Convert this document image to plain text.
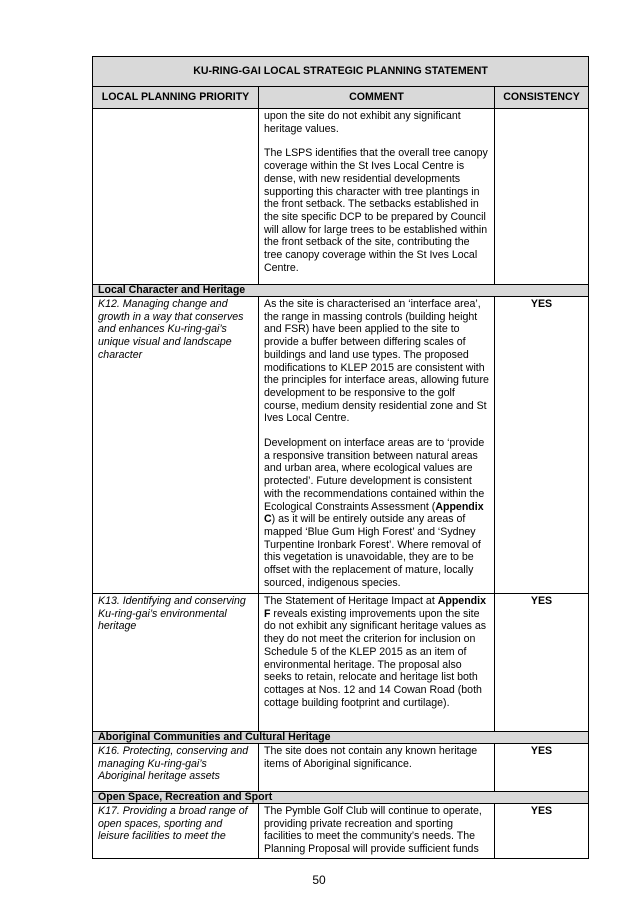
KU-RING-GAI LOCAL STRATEGIC PLANNING STATEMENT		
LOCAL PLANNING PRIORITY	COMMENT	CONSISTENCY

	upon the site do not exhibit any significant heritage values.

The LSPS identifies that the overall tree canopy coverage within the St Ives Local Centre is dense, with new residential developments supporting this character with tree plantings in the front setback. The setbacks established in the site specific DCP to be prepared by Council will allow for large trees to be established within the front setback of the site, contributing the tree canopy coverage within the St Ives Local Centre.	

Local Character and Heritage		
K12. Managing change and growth in a way that conserves and enhances Ku-ring-gai’s unique visual and landscape character	As the site is characterised an ‘interface area’, the range in massing controls (building height and FSR) have been applied to the site to provide a buffer between differing scales of buildings and land use types. The proposed modifications to KLEP 2015 are consistent with the principles for interface areas, allowing future development to be responsive to the golf course, medium density residential zone and St Ives Local Centre.

Development on interface areas are to ‘provide a responsive transition between natural areas and urban area, where ecological values are protected’. Future development is consistent with the recommendations contained within the Ecological Constraints Assessment (Appendix C) as it will be entirely outside any areas of mapped ‘Blue Gum High Forest’ and ‘Sydney Turpentine Ironbark Forest’. Where removal of this vegetation is unavoidable, they are to be offset with the replacement of mature, locally sourced, indigenous species.	YES
K13. Identifying and conserving Ku-ring-gai’s environmental heritage	The Statement of Heritage Impact at Appendix F reveals existing improvements upon the site do not exhibit any significant heritage values as they do not meet the criterion for inclusion on Schedule 5 of the KLEP 2015 as an item of environmental heritage. The proposal also seeks to retain, relocate and heritage list both cottages at Nos. 12 and 14 Cowan Road (both cottage building footprint and curtilage).	YES
Aboriginal Communities and Cultural Heritage		
K16. Protecting, conserving and managing Ku-ring-gai’s Aboriginal heritage assets	The site does not contain any known heritage items of Aboriginal significance.	YES
Open Space, Recreation and Sport		
K17. Providing a broad range of open spaces, sporting and leisure facilities to meet the	The Pymble Golf Club will continue to operate, providing private recreation and sporting facilities to meet the community’s needs. The Planning Proposal will provide sufficient funds	YES
50
